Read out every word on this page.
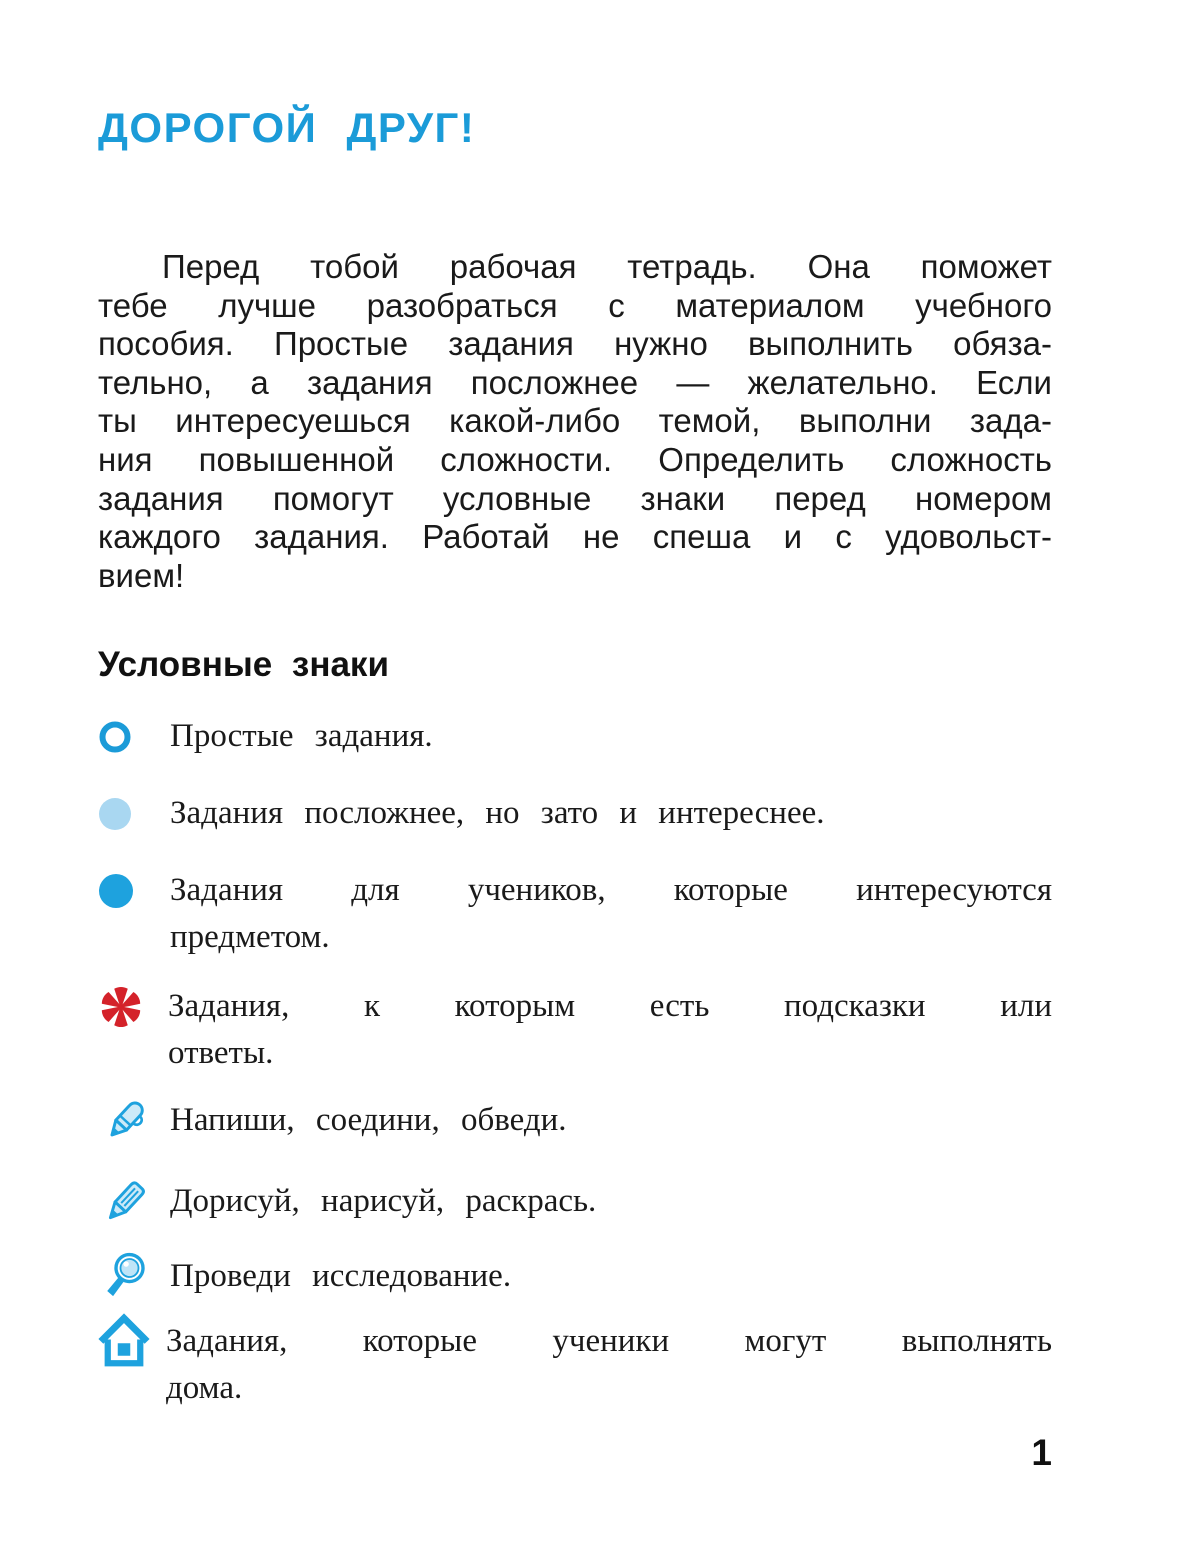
ДОРОГОЙ ДРУГ!
Перед тобой рабочая тетрадь. Она поможет
тебе лучше разобраться с материалом учебного
пособия. Простые задания нужно выполнить обяза-
тельно, а задания посложнее — желательно. Если
ты интересуешься какой-либо темой, выполни зада-
ния повышенной сложности. Определить сложность
задания помогут условные знаки перед номером
каждого задания. Работай не спеша и с удовольст-
вием!
Условные знаки
Простые задания.
Задания посложнее, но зато и интереснее.
Задания для учеников, которые интересуются
предметом.
Задания, к которым есть подсказки или
ответы.
Напиши, соедини, обведи.
Дорисуй, нарисуй, раскрась.
Проведи исследование.
Задания, которые ученики могут выполнять
дома.
1
